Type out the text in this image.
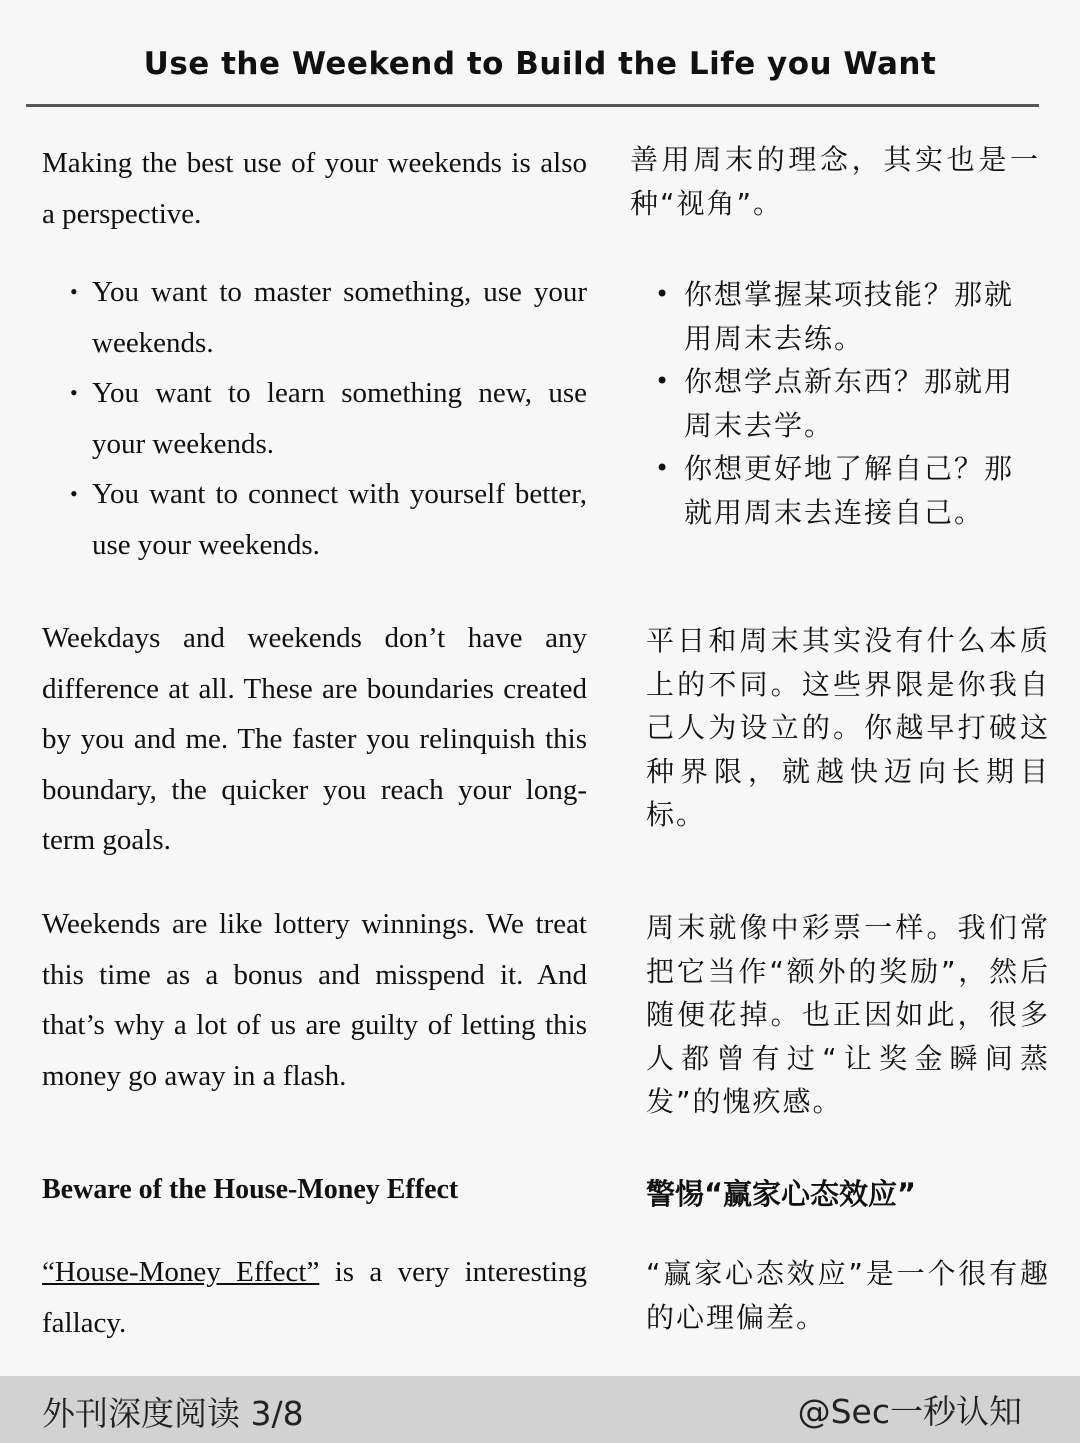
Use the Weekend to Build the Life you Want
Making the best use of your weekends is also a perspective.
善用周末的理念，其实也是一种“视角”。
• You want to master something, use your weekends.
• You want to learn something new, use your weekends.
• You want to connect with yourself better, use your weekends.
• 你想掌握某项技能？那就用周末去练。
• 你想学点新东西？那就用周末去学。
• 你想更好地了解自己？那就用周末去连接自己。
Weekdays and weekends don’t have any difference at all. These are boundaries created by you and me. The faster you relinquish this boundary, the quicker you reach your long-term goals.
平日和周末其实没有什么本质上的不同。这些界限是你我自己人为设立的。你越早打破这种界限，就越快迈向长期目标。
Weekends are like lottery winnings. We treat this time as a bonus and misspend it. And that’s why a lot of us are guilty of letting this money go away in a flash.
周末就像中彩票一样。我们常把它当作“额外的奖励”，然后随便花掉。也正因如此，很多人都曾有过“让奖金瞬间蒸发”的愧疚感。
Beware of the House-Money Effect	警惕“赢家心态效应”
“House-Money Effect” is a very interesting fallacy.
“赢家心态效应”是一个很有趣的心理偏差。
外刊深度阅读 3/8	@Sec一秒认知
